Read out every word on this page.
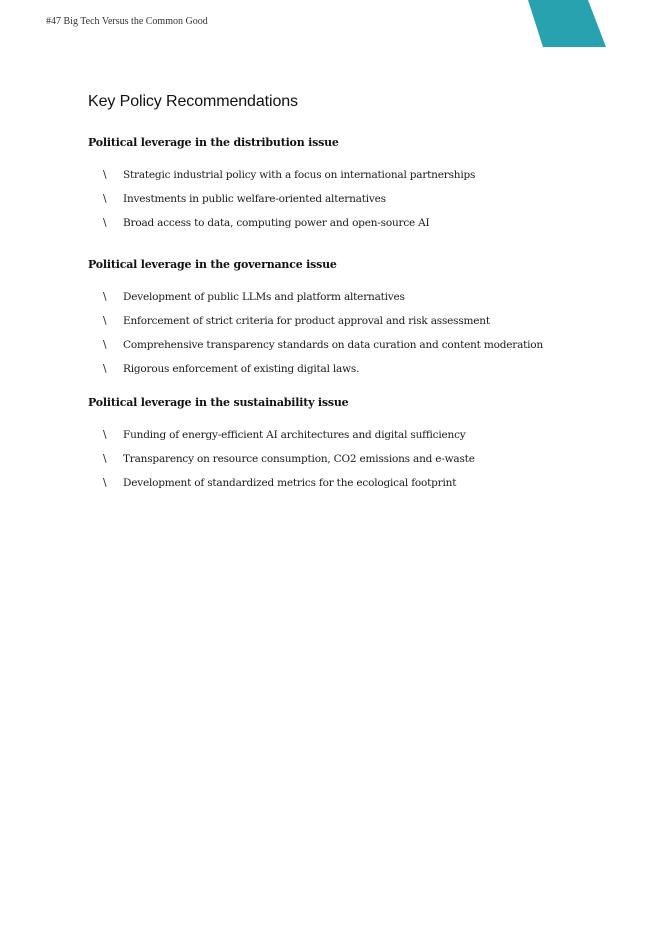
#47 Big Tech Versus the Common Good
Key Policy Recommendations
Political leverage in the distribution issue
\ Strategic industrial policy with a focus on international partnerships
\ Investments in public welfare-oriented alternatives
\ Broad access to data, computing power and open-source AI
Political leverage in the governance issue
\ Development of public LLMs and platform alternatives
\ Enforcement of strict criteria for product approval and risk assessment
\ Comprehensive transparency standards on data curation and content moderation
\ Rigorous enforcement of existing digital laws.
Political leverage in the sustainability issue
\ Funding of energy-efficient AI architectures and digital sufficiency
\ Transparency on resource consumption, CO2 emissions and e-waste
\ Development of standardized metrics for the ecological footprint
